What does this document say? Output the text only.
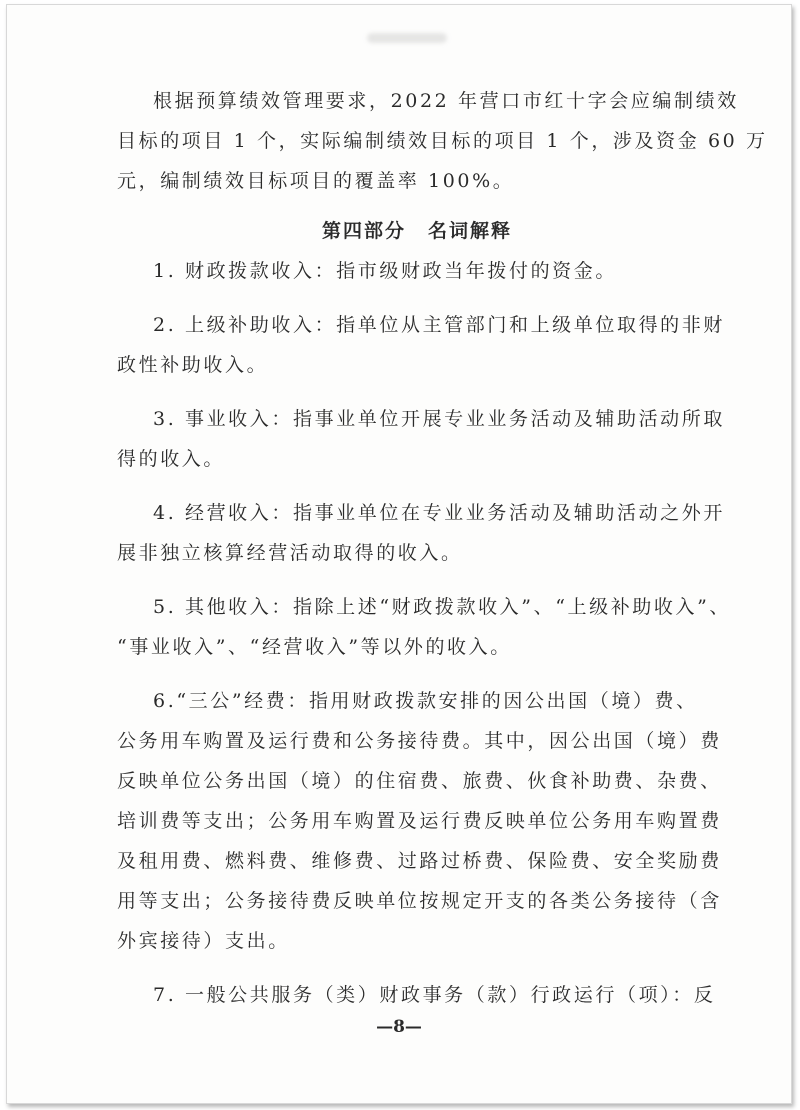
根据预算绩效管理要求，2022 年营口市红十字会应编制绩效
目标的项目 1 个，实际编制绩效目标的项目 1 个，涉及资金 60 万
元，编制绩效目标项目的覆盖率 100%。
第四部分 名词解释
1. 财政拨款收入：指市级财政当年拨付的资金。
2. 上级补助收入：指单位从主管部门和上级单位取得的非财
政性补助收入。
3. 事业收入：指事业单位开展专业业务活动及辅助活动所取
得的收入。
4. 经营收入：指事业单位在专业业务活动及辅助活动之外开
展非独立核算经营活动取得的收入。
5. 其他收入：指除上述“财政拨款收入”、“上级补助收入”、
“事业收入”、“经营收入”等以外的收入。
6.“三公”经费：指用财政拨款安排的因公出国（境）费、
公务用车购置及运行费和公务接待费。其中，因公出国（境）费
反映单位公务出国（境）的住宿费、旅费、伙食补助费、杂费、
培训费等支出；公务用车购置及运行费反映单位公务用车购置费
及租用费、燃料费、维修费、过路过桥费、保险费、安全奖励费
用等支出；公务接待费反映单位按规定开支的各类公务接待（含
外宾接待）支出。
7. 一般公共服务（类）财政事务（款）行政运行（项）：反
—8—
